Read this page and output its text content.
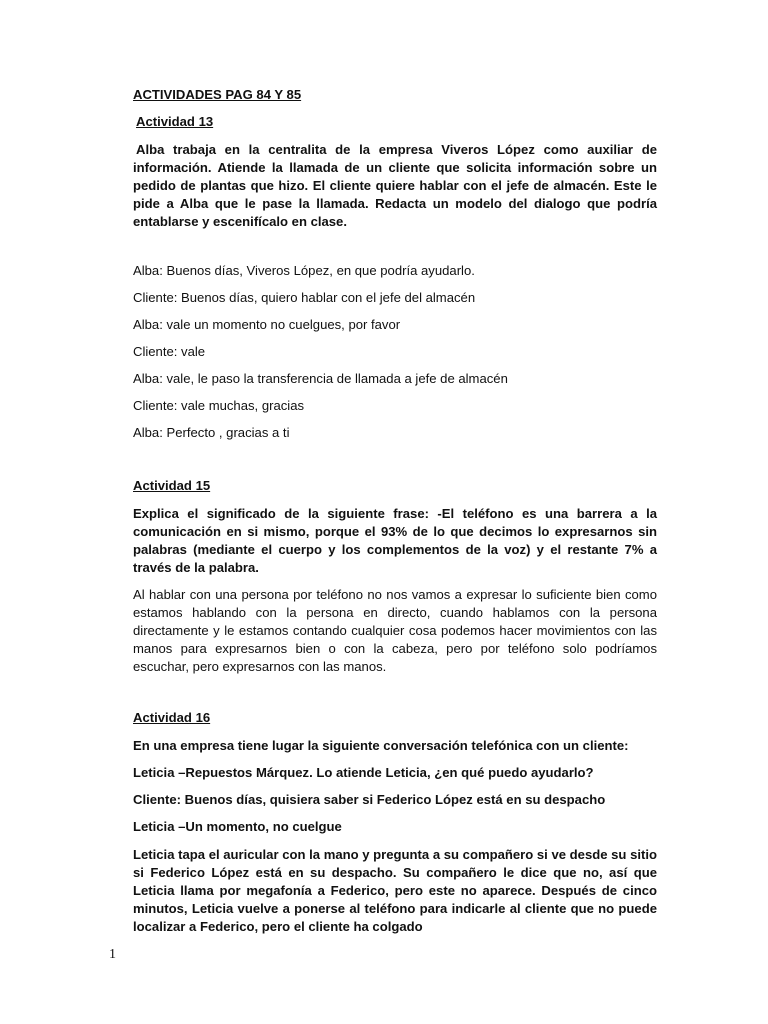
ACTIVIDADES PAG 84 Y 85

Actividad 13

Alba trabaja en la centralita de la empresa Viveros López como auxiliar de información. Atiende la llamada de un cliente que solicita información sobre un pedido de plantas que hizo. El cliente quiere hablar con el jefe de almacén. Este le pide a Alba que le pase la llamada. Redacta un modelo del dialogo que podría entablarse y escenifícalo en clase.

Alba: Buenos días, Viveros López, en que podría ayudarlo.

Cliente: Buenos días, quiero hablar con el jefe del almacén

Alba: vale un momento no cuelgues, por favor

Cliente: vale

Alba: vale, le paso la transferencia de llamada a jefe de almacén

Cliente: vale muchas, gracias

Alba: Perfecto , gracias a ti

Actividad 15

Explica el significado de la siguiente frase: -El teléfono es una barrera a la comunicación en si mismo, porque el 93% de lo que decimos lo expresarnos sin palabras (mediante el cuerpo y los complementos de la voz) y el restante 7% a través de la palabra.

Al hablar con una persona por teléfono no nos vamos a expresar lo suficiente bien como estamos hablando con la persona en directo, cuando hablamos con la persona directamente y le estamos contando cualquier cosa podemos hacer movimientos con las manos para expresarnos bien o con la cabeza, pero por teléfono solo podríamos escuchar, pero expresarnos con las manos.

Actividad 16

En una empresa tiene lugar la siguiente conversación telefónica con un cliente:

Leticia –Repuestos Márquez. Lo atiende Leticia, ¿en qué puedo ayudarlo?

Cliente: Buenos días, quisiera saber si Federico López está en su despacho

Leticia –Un momento, no cuelgue

Leticia tapa el auricular con la mano y pregunta a su compañero si ve desde su sitio si Federico López está en su despacho. Su compañero le dice que no, así que Leticia llama por megafonía a Federico, pero este no aparece. Después de cinco minutos, Leticia vuelve a ponerse al teléfono para indicarle al cliente que no puede localizar a Federico, pero el cliente ha colgado

1
